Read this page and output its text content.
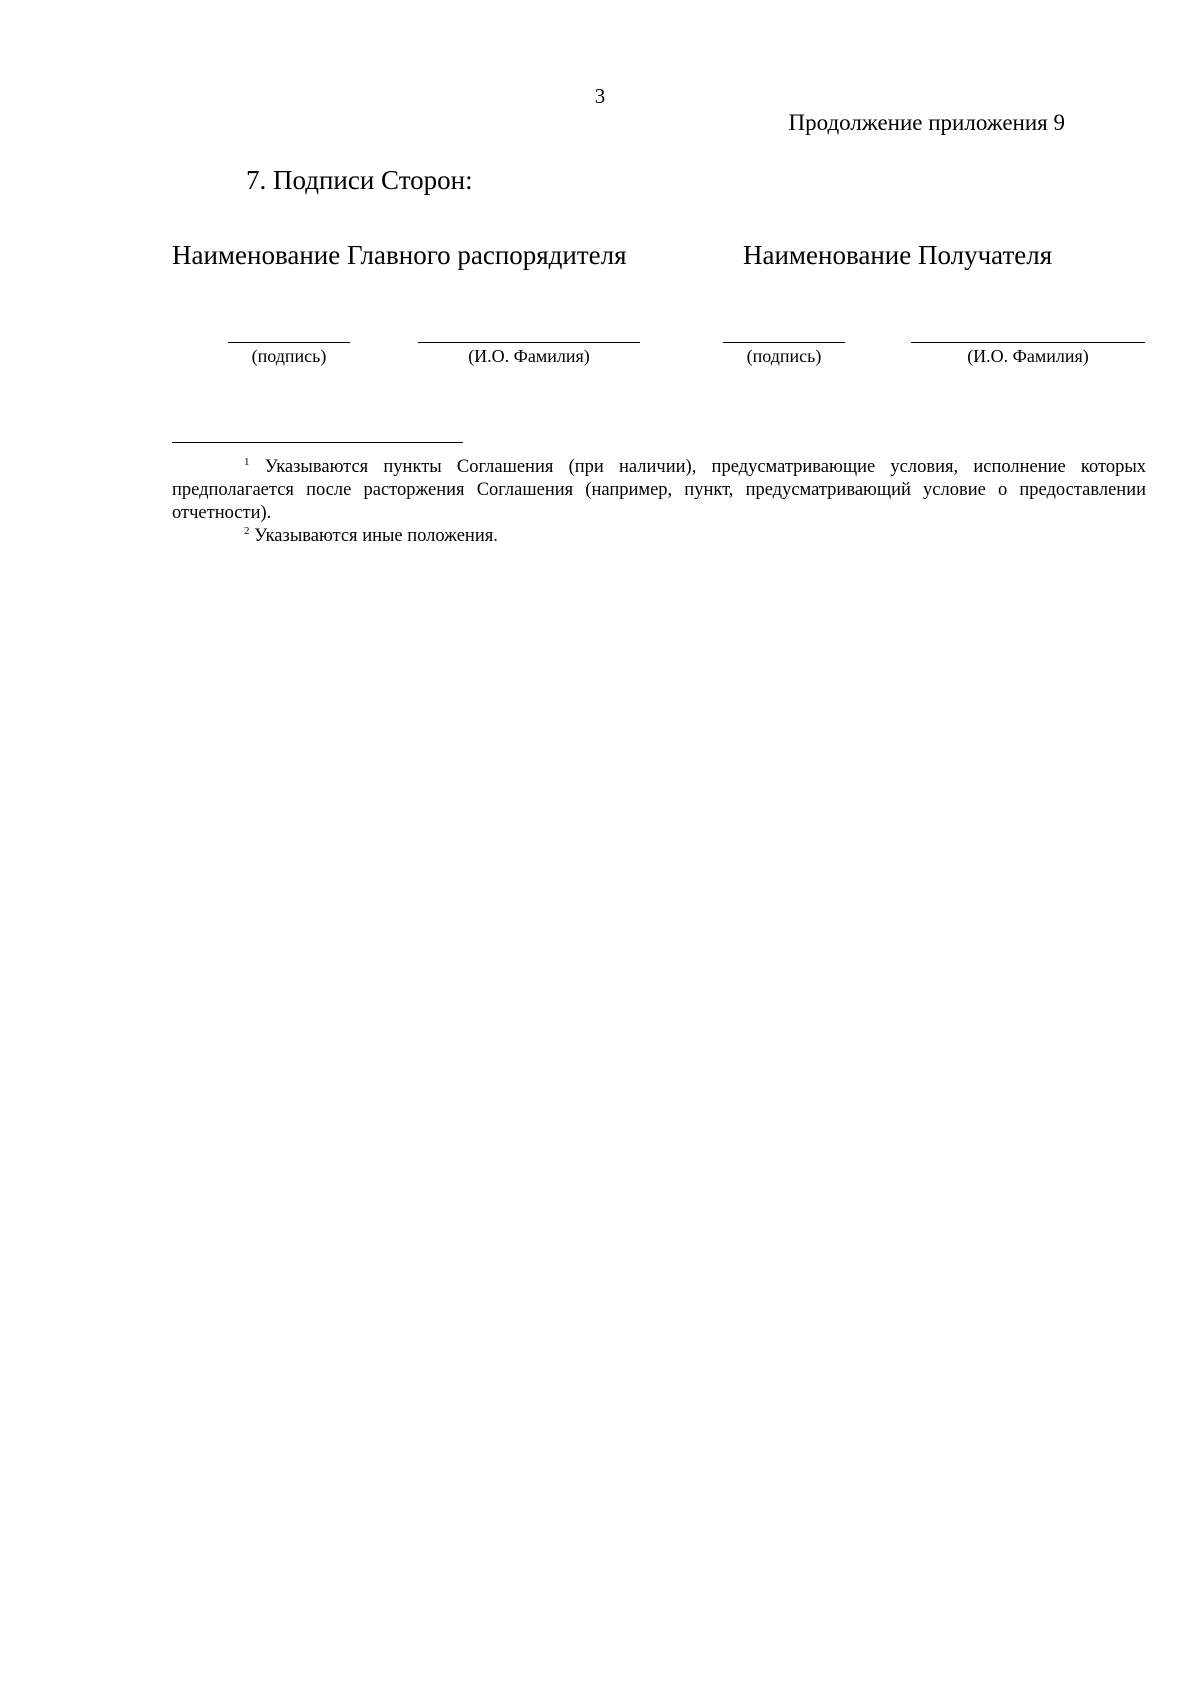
3
Продолжение приложения 9
7. Подписи Сторон:
Наименование Главного распорядителя	Наименование Получателя
(подпись)	(И.О. Фамилия)	(подпись)	(И.О. Фамилия)
$^1$ Указываются пункты Соглашения (при наличии), предусматривающие условия, исполнение которых предполагается после расторжения Соглашения (например, пункт, предусматривающий условие о предоставлении отчетности).
$^2$ Указываются иные положения.
